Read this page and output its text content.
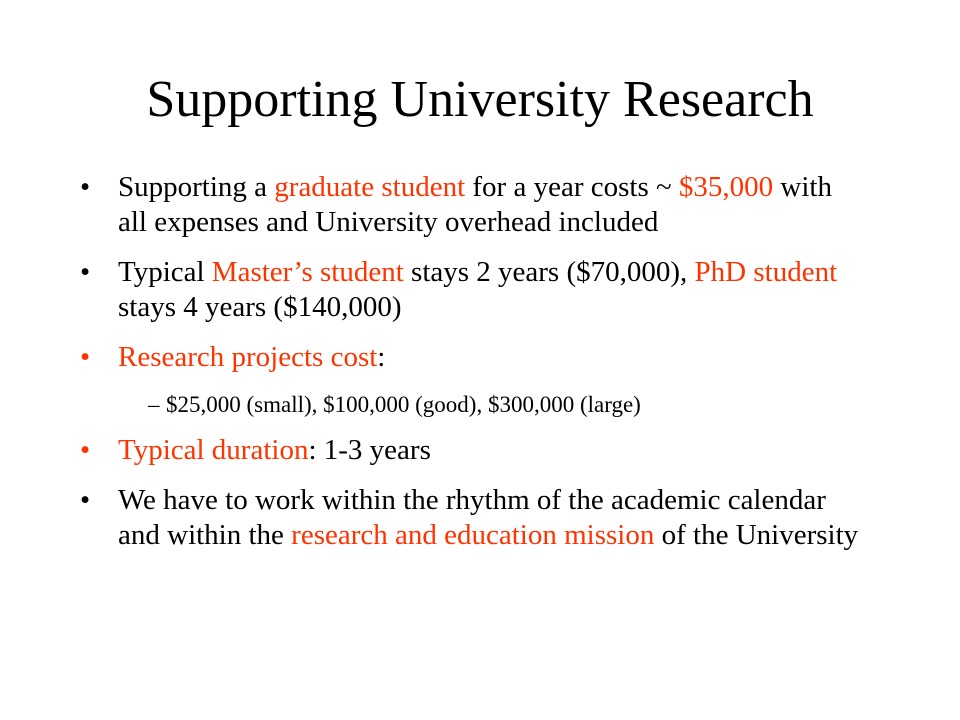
Supporting University Research
• Supporting a graduate student for a year costs ~ $35,000 with all expenses and University overhead included
• Typical Master’s student stays 2 years ($70,000), PhD student stays 4 years ($140,000)
• Research projects cost:
– $25,000 (small), $100,000 (good), $300,000 (large)
• Typical duration: 1-3 years
• We have to work within the rhythm of the academic calendar and within the research and education mission of the University
